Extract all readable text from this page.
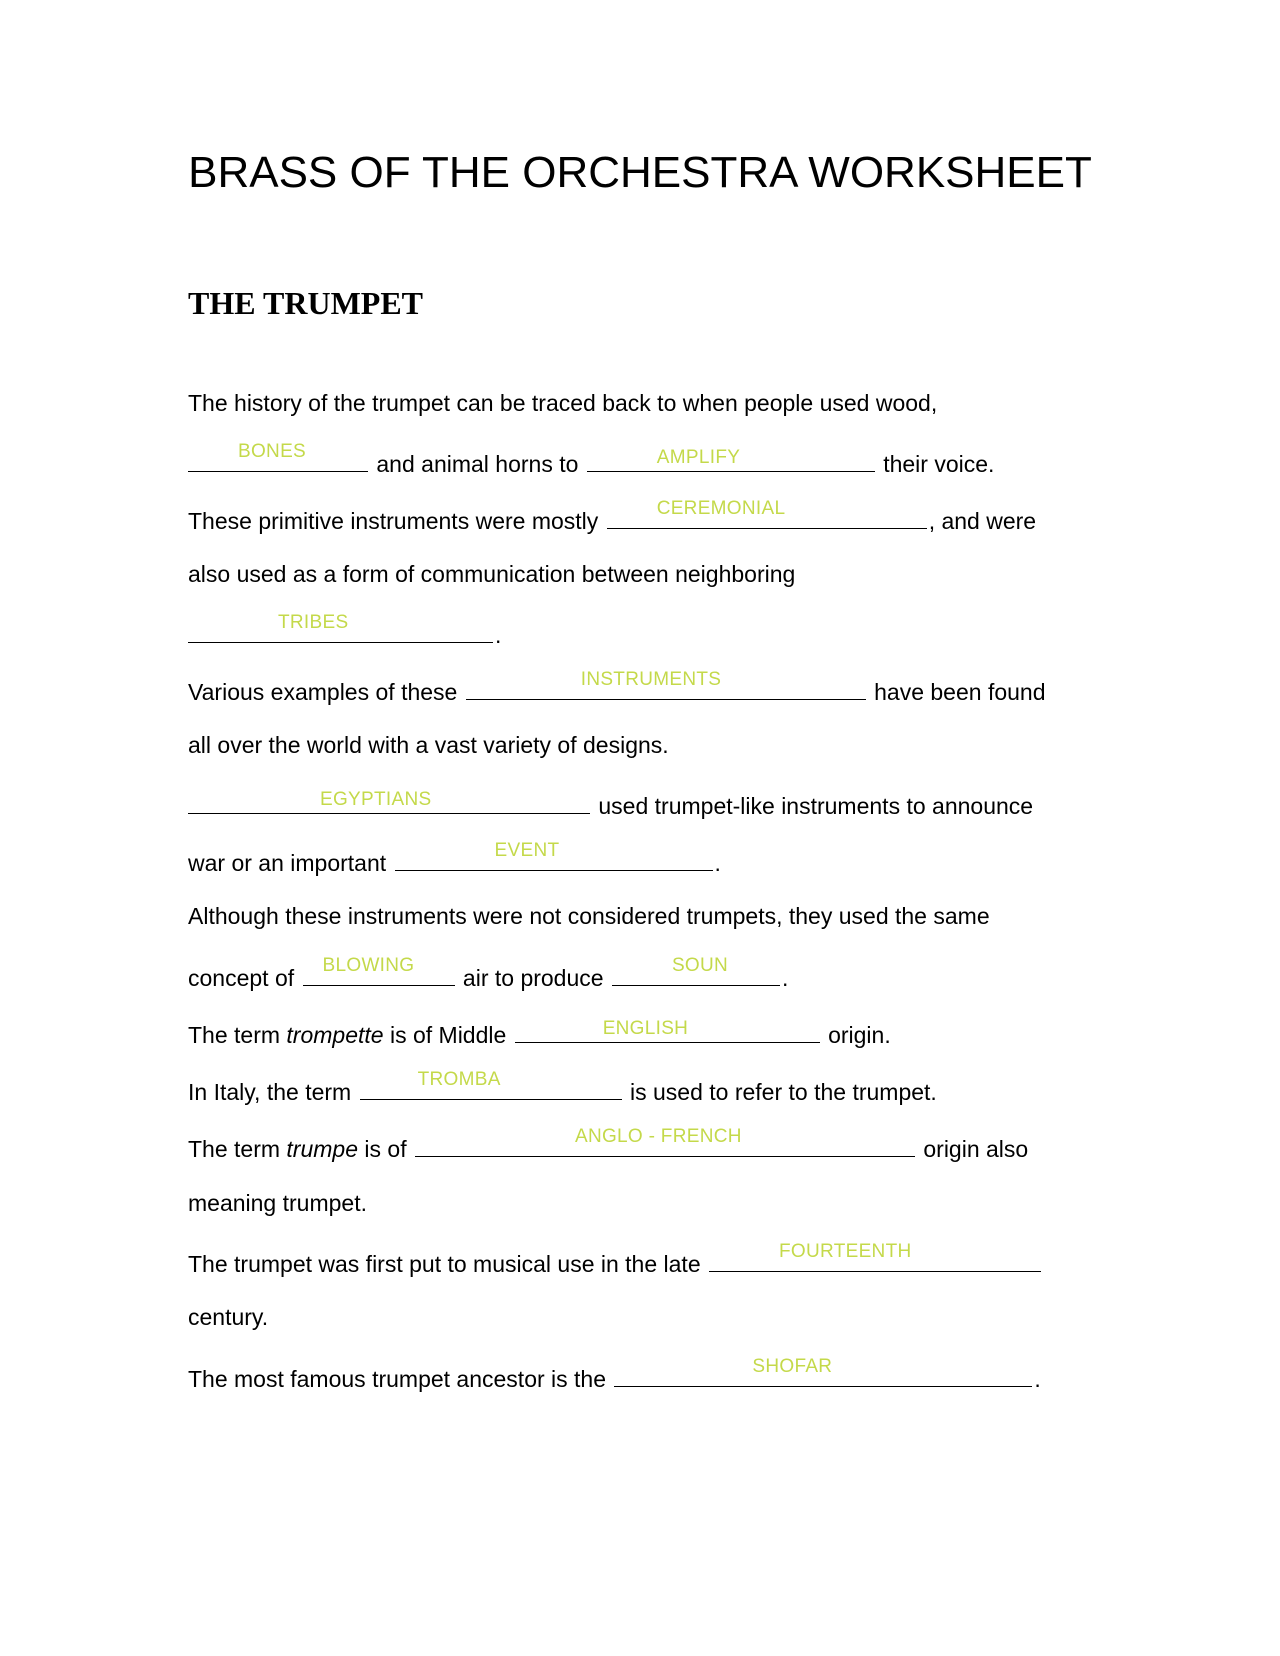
BRASS OF THE ORCHESTRA WORKSHEET
THE TRUMPET
The history of the trumpet can be traced back to when people used wood,
BONES	and animal horns to	AMPLIFY	their voice.
These primitive instruments were mostly	CEREMONIAL	, and were
also used as a form of communication between neighboring
TRIBES	.
Various examples of these	INSTRUMENTS	have been found
all over the world with a vast variety of designs.
EGYPTIANS	used trumpet-like instruments to announce
war or an important	EVENT	.
Although these instruments were not considered trumpets, they used the same
concept of BLOWING air to produce	SOUN .
The term trompette is of Middle	ENGLISH	origin.
In Italy, the term	TROMBA	is used to refer to the trumpet.
The term trumpe is of	ANGLO - FRENCH	origin also
meaning trumpet.
The trumpet was first put to musical use in the late	FOURTEENTH
century.
The most famous trumpet ancestor is the	SHOFAR	.
